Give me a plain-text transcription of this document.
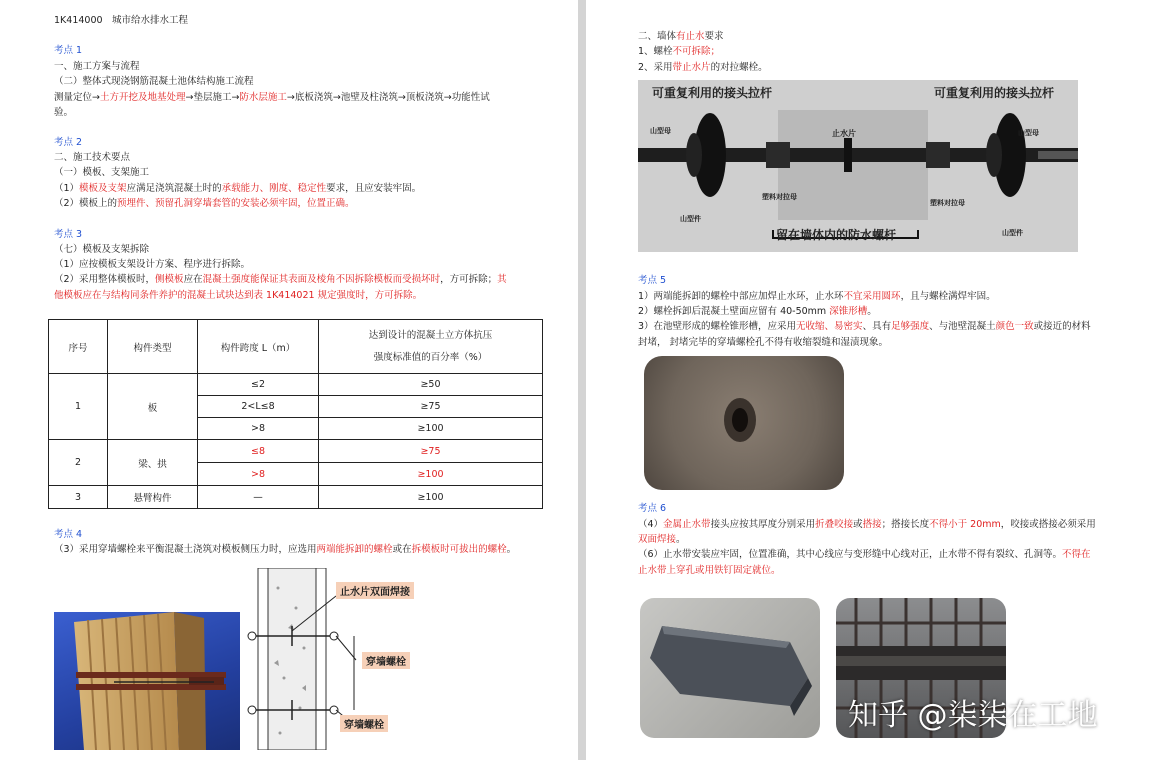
1K414000　城市给水排水工程
考点 1
一、施工方案与流程
（二）整体式现浇钢筋混凝土池体结构施工流程
测量定位→土方开挖及地基处理→垫层施工→防水层施工→底板浇筑→池壁及柱浇筑→顶板浇筑→功能性试
验。
考点 2
二、施工技术要点
（一）模板、支架施工
（1）模板及支架应满足浇筑混凝土时的承载能力、刚度、稳定性要求，且应安装牢固。
（2）模板上的预埋件、预留孔洞穿墙套管的安装必须牢固，位置正确。
考点 3
（七）模板及支架拆除
（1）应按模板支架设计方案、程序进行拆除。
（2）采用整体模板时，侧模板应在混凝土强度能保证其表面及棱角不因拆除模板而受损坏时，方可拆除；其
他模板应在与结构同条件养护的混凝土试块达到表 1K414021 规定强度时，方可拆除。
序号	构件类型	构件跨度 L（m）	达到设计的混凝土立方体抗压
强度标准值的百分率（%）
1	板	≤2	≥50
		2<L≤8	≥75
		>8	≥100
2	梁、拱	≤8	≥75
		>8	≥100
3	悬臂构件	—	≥100
考点 4
（3）采用穿墙螺栓来平衡混凝土浇筑对模板侧压力时，应选用两端能拆卸的螺栓或在拆模板时可拔出的螺栓。
止水片双面焊接
穿墙螺栓
穿墙螺栓
二、墙体有止水要求
1、螺栓不可拆除；
2、采用带止水片的对拉螺栓。
可重复利用的接头拉杆	可重复利用的接头拉杆
止水片
留在墙体内的防水螺杆
山型母
山型件
塑料对拉母
塑料对拉母
山型母
山型件
考点 5
1）两端能拆卸的螺栓中部应加焊止水环，止水环不宜采用圆环，且与螺栓满焊牢固。
2）螺栓拆卸后混凝土壁面应留有 40-50mm 深锥形槽。
3）在池壁形成的螺栓锥形槽，应采用无收缩、易密实、具有足够强度、与池壁混凝土颜色一致或接近的材料
封堵， 封堵完毕的穿墙螺栓孔不得有收缩裂缝和湿渍现象。
考点 6
（4）金属止水带接头应按其厚度分别采用折叠咬接或搭接；搭接长度不得小于 20mm，咬接或搭接必须采用
双面焊接。
（6）止水带安装应牢固，位置准确，其中心线应与变形缝中心线对正，止水带不得有裂纹、孔洞等。不得在
止水带上穿孔或用铁钉固定就位。
知乎 @柒柒在工地
